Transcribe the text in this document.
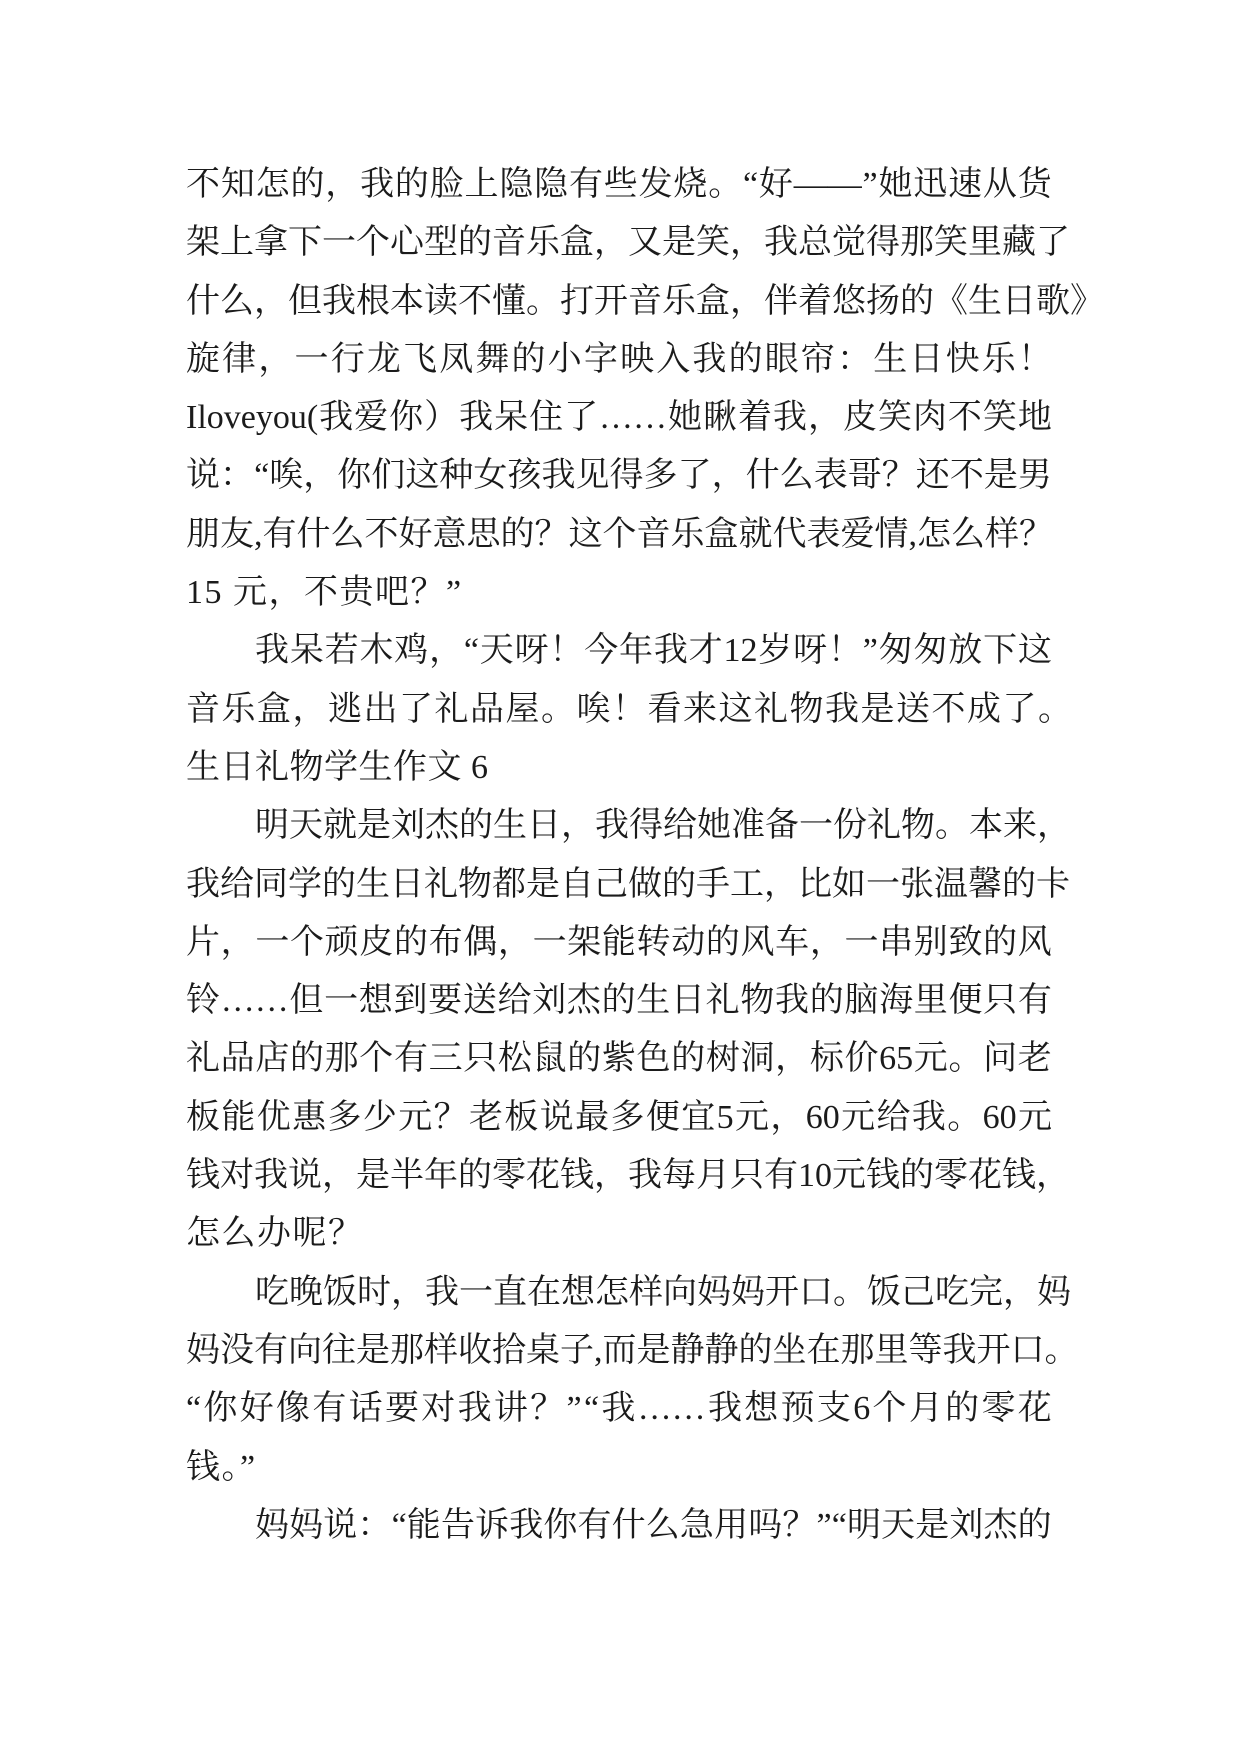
不 知 怎 的 ， 我 的 脸 上 隐 隐 有 些 发 烧 。 “ 好 —— ” 她 迅 速 从 货
架 上 拿 下 一 个 心 型 的 音 乐 盒 ， 又 是 笑 ， 我 总 觉 得 那 笑 里 藏 了
什 么 ， 但 我 根 本 读 不 懂 。 打 开 音 乐 盒 ， 伴 着 悠 扬 的 《 生 日 歌 》
旋 律 ， 一 行 龙 飞 凤 舞 的 小 字 映 入 我 的 眼 帘 ： 生 日 快 乐 ！
Iloveyou( 我 爱 你 ） 我 呆 住 了 …… 她 瞅 着 我 ， 皮 笑 肉 不 笑 地
说 ： “ 唉 ， 你 们 这 种 女 孩 我 见 得 多 了 ， 什 么 表 哥 ？ 还 不 是 男
朋 友 , 有 什 么 不 好 意 思 的 ？ 这 个 音 乐 盒 就 代 表 爱 情 , 怎 么 样 ？
15 元，不贵吧？”
我 呆 若 木 鸡 ， “ 天 呀 ！ 今 年 我 才 12 岁 呀 ！ ” 匆 匆 放 下 这
音乐盒，逃出了礼品屋。唉！看来这礼物我是送不成了。
生日礼物学生作文 6
明 天 就 是 刘 杰 的 生 日 ， 我 得 给 她 准 备 一 份 礼 物 。 本 来 ，
我 给 同 学 的 生 日 礼 物 都 是 自 己 做 的 手 工 ， 比 如 一 张 温 馨 的 卡
片 ， 一 个 顽 皮 的 布 偶 ， 一 架 能 转 动 的 风 车 ， 一 串 别 致 的 风
铃 …… 但 一 想 到 要 送 给 刘 杰 的 生 日 礼 物 我 的 脑 海 里 便 只 有
礼 品 店 的 那 个 有 三 只 松 鼠 的 紫 色 的 树 洞 ， 标 价 65 元 。 问 老
板 能 优 惠 多 少 元 ？ 老 板 说 最 多 便 宜 5 元 ， 60 元 给 我 。 60 元
钱 对 我 说 ， 是 半 年 的 零 花 钱 ， 我 每 月 只 有 10 元 钱 的 零 花 钱 ，
怎么办呢？
吃 晚 饭 时 ， 我 一 直 在 想 怎 样 向 妈 妈 开 口 。 饭 己 吃 完 ， 妈
妈 没 有 向 往 是 那 样 收 拾 桌 子 , 而 是 静 静 的 坐 在 那 里 等 我 开 口 。
“ 你 好 像 有 话 要 对 我 讲 ？ ” “ 我 …… 我 想 预 支 6 个 月 的 零 花
钱。”
妈 妈 说 ： “ 能 告 诉 我 你 有 什 么 急 用 吗 ？ ” “ 明 天 是 刘 杰 的
